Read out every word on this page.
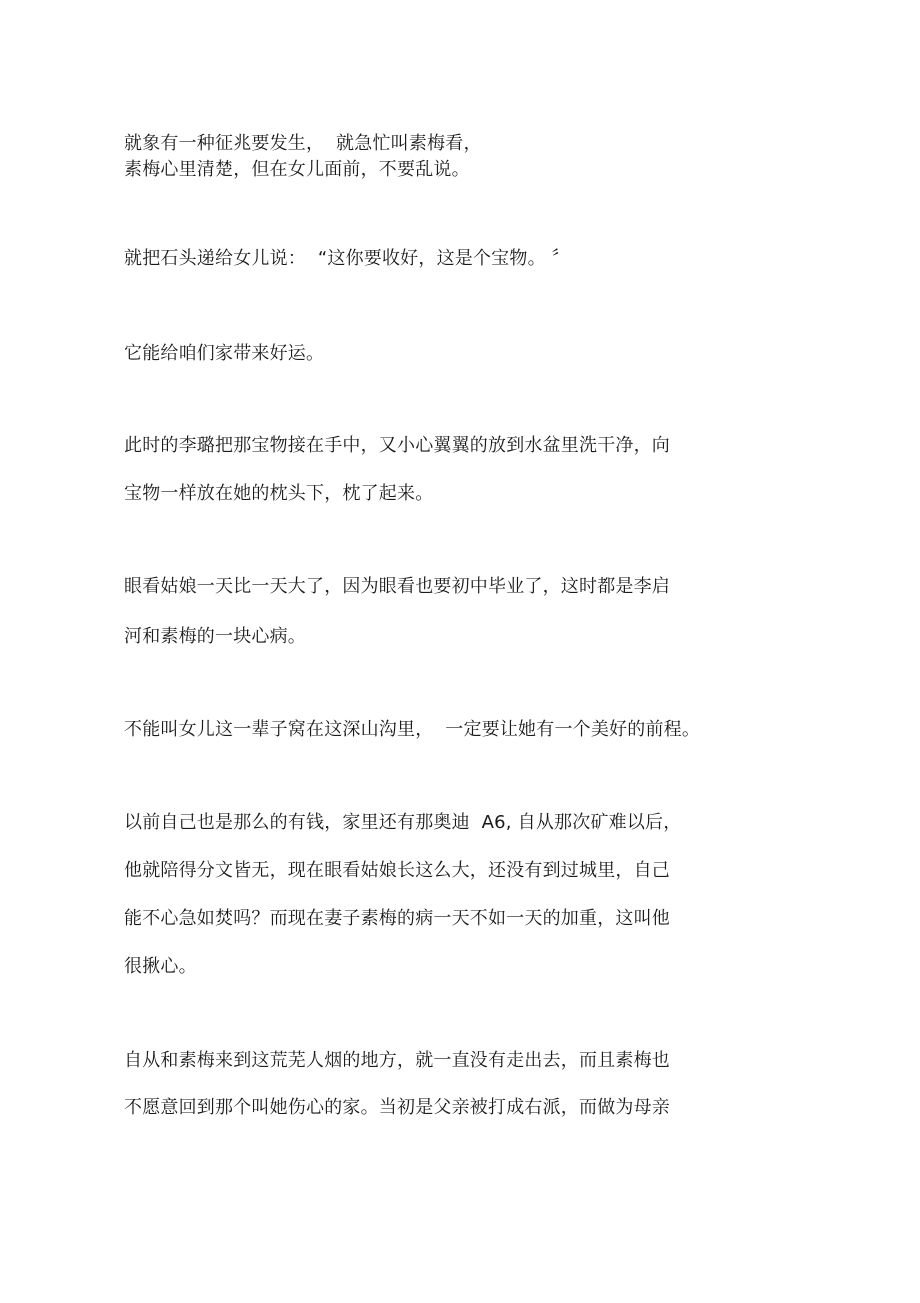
就象有一种征兆要发生，  就急忙叫素梅看，

素梅心里清楚，但在女儿面前，不要乱说。

就把石头递给女儿说：  “这你要收好，这是个宝物。 〞

它能给咱们家带来好运。

此时的李璐把那宝物接在手中，又小心翼翼的放到水盆里洗干净，向

宝物一样放在她的枕头下，枕了起来。

眼看姑娘一天比一天大了，因为眼看也要初中毕业了，这时都是李启

河和素梅的一块心病。

不能叫女儿这一辈子窝在这深山沟里，  一定要让她有一个美好的前程。

以前自己也是那么的有钱，家里还有那奥迪  A6, 自从那次矿难以后，

他就陪得分文皆无，现在眼看姑娘长这么大，还没有到过城里，自己

能不心急如焚吗？而现在妻子素梅的病一天不如一天的加重，这叫他

很揪心。

自从和素梅来到这荒芜人烟的地方，就一直没有走出去，而且素梅也

不愿意回到那个叫她伤心的家。当初是父亲被打成右派，而做为母亲
